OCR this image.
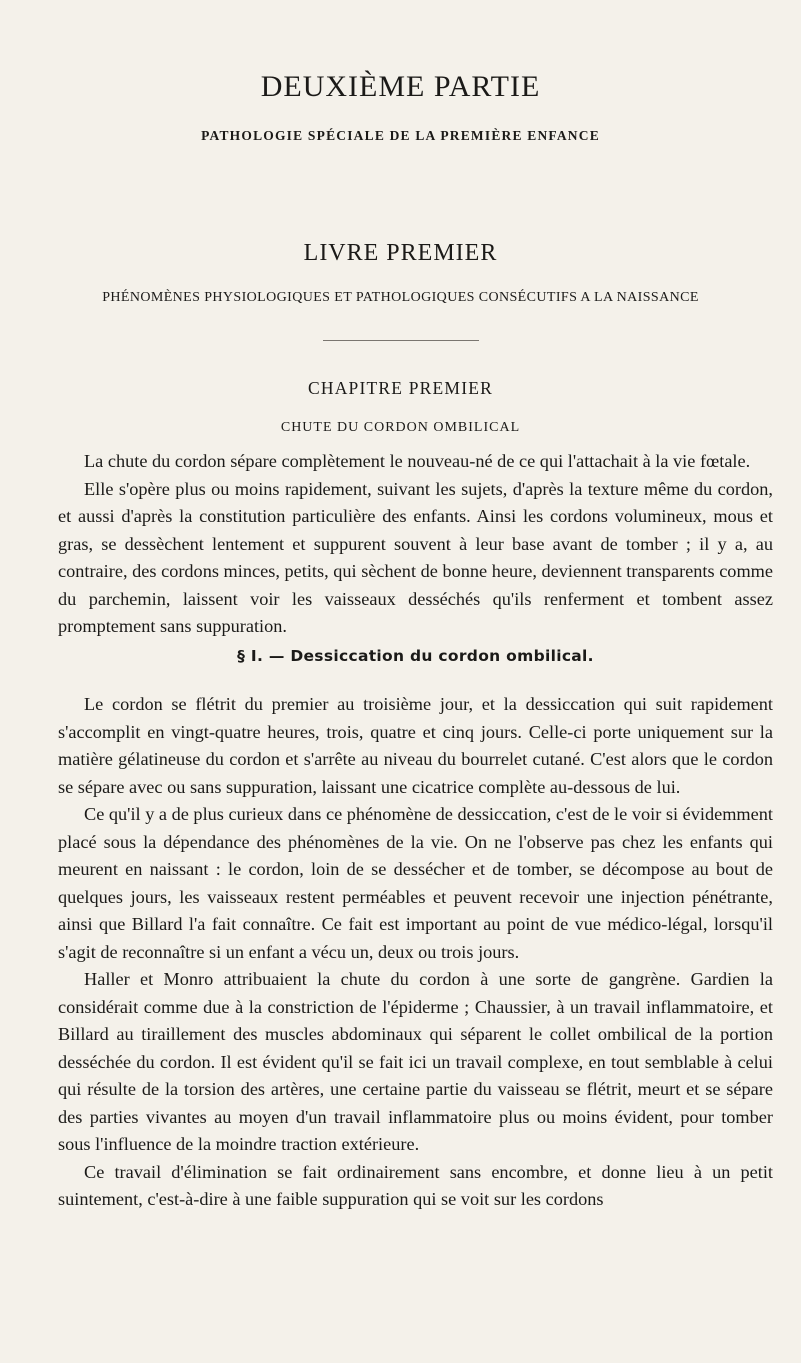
DEUXIÈME PARTIE
PATHOLOGIE SPÉCIALE DE LA PREMIÈRE ENFANCE
LIVRE PREMIER
PHÉNOMÈNES PHYSIOLOGIQUES ET PATHOLOGIQUES CONSÉCUTIFS A LA NAISSANCE
CHAPITRE PREMIER
CHUTE DU CORDON OMBILICAL

La chute du cordon sépare complètement le nouveau-né de ce qui l'attachait à la vie fœtale.

Elle s'opère plus ou moins rapidement, suivant les sujets, d'après la texture même du cordon, et aussi d'après la constitution particulière des enfants. Ainsi les cordons volumineux, mous et gras, se dessèchent lentement et suppurent souvent à leur base avant de tomber ; il y a, au contraire, des cordons minces, petits, qui sèchent de bonne heure, deviennent transparents comme du parchemin, laissent voir les vaisseaux desséchés qu'ils renferment et tombent assez promptement sans suppuration.

§ I. — Dessiccation du cordon ombilical.

Le cordon se flétrit du premier au troisième jour, et la dessiccation qui suit rapidement s'accomplit en vingt-quatre heures, trois, quatre et cinq jours. Celle-ci porte uniquement sur la matière gélatineuse du cordon et s'arrête au niveau du bourrelet cutané. C'est alors que le cordon se sépare avec ou sans suppuration, laissant une cicatrice complète au-dessous de lui.

Ce qu'il y a de plus curieux dans ce phénomène de dessiccation, c'est de le voir si évidemment placé sous la dépendance des phénomènes de la vie. On ne l'observe pas chez les enfants qui meurent en naissant : le cordon, loin de se dessécher et de tomber, se décompose au bout de quelques jours, les vaisseaux restent perméables et peuvent recevoir une injection pénétrante, ainsi que Billard l'a fait connaître. Ce fait est important au point de vue médico-légal, lorsqu'il s'agit de reconnaître si un enfant a vécu un, deux ou trois jours.

Haller et Monro attribuaient la chute du cordon à une sorte de gangrène. Gardien la considérait comme due à la constriction de l'épiderme ; Chaussier, à un travail inflammatoire, et Billard au tiraillement des muscles abdominaux qui séparent le collet ombilical de la portion desséchée du cordon. Il est évident qu'il se fait ici un travail complexe, en tout semblable à celui qui résulte de la torsion des artères, une certaine partie du vaisseau se flétrit, meurt et se sépare des parties vivantes au moyen d'un travail inflammatoire plus ou moins évident, pour tomber sous l'influence de la moindre traction extérieure.

Ce travail d'élimination se fait ordinairement sans encombre, et donne lieu à un petit suintement, c'est-à-dire à une faible suppuration qui se voit sur les cordons
